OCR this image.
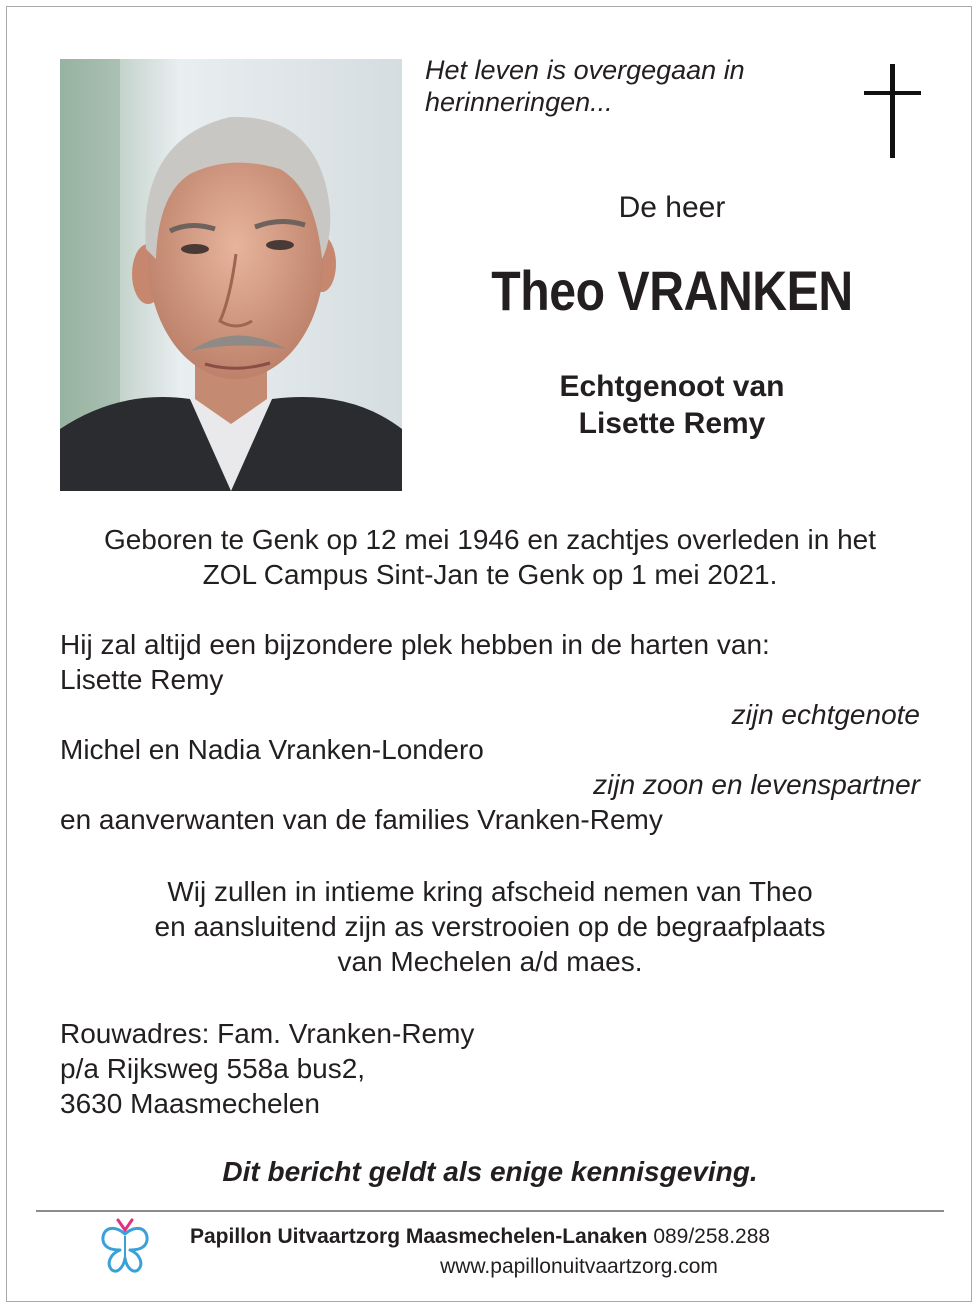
Het leven is overgegaan in
herinneringen...
De heer
Theo VRANKEN
Echtgenoot van
Lisette Remy
Geboren te Genk op 12 mei 1946 en zachtjes overleden in het
ZOL Campus Sint-Jan te Genk op 1 mei 2021.
Hij zal altijd een bijzondere plek hebben in de harten van:
Lisette Remy
zijn echtgenote
Michel en Nadia Vranken-Londero
zijn zoon en levenspartner
en aanverwanten van de families Vranken-Remy
Wij zullen in intieme kring afscheid nemen van Theo
en aansluitend zijn as verstrooien op de begraafplaats
van Mechelen a/d maes.
Rouwadres: Fam. Vranken-Remy
p/a Rijksweg 558a bus2,
3630 Maasmechelen
Dit bericht geldt als enige kennisgeving.
Papillon Uitvaartzorg Maasmechelen-Lanaken 089/258.288
www.papillonuitvaartzorg.com
